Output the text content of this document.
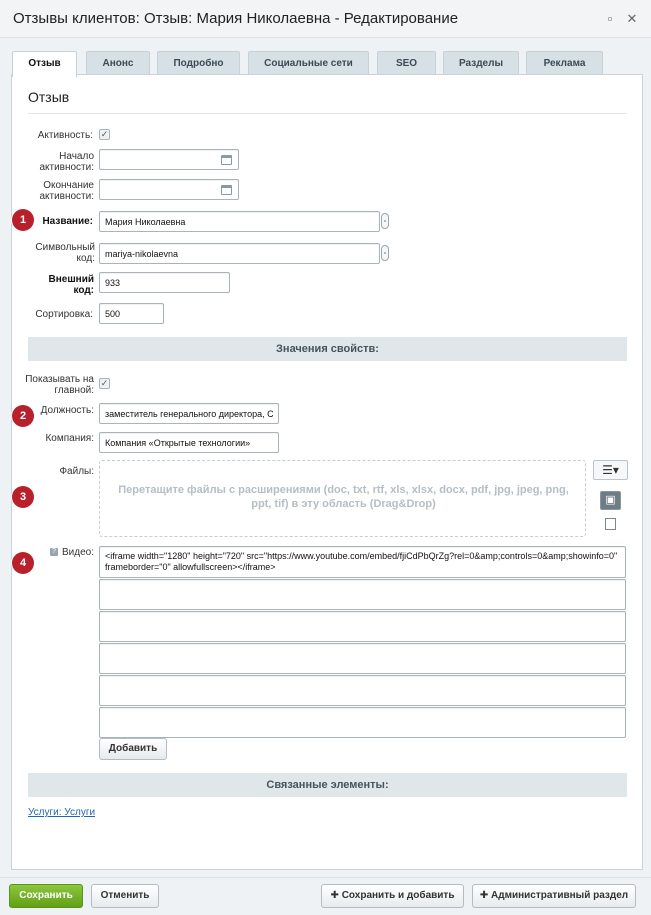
Отзывы клиентов: Отзыв: Мария Николаевна - Редактирование	▫	✕
Отзыв	Анонс	Подробно	Социальные сети	SEO	Разделы	Реклама
Отзыв
Активность: ✓
Начало
активности:
Окончание
активности:
Название:	Мария Николаевна
Символьный
код:	mariya-nikolaevna
Внешний
код:
933
Сортировка:	500
Значения свойств:
Показывать на
главной:
✓
Должность:	заместитель генерального директора, С
Компания:	Компания «Открытые технологии»
Файлы:
Перетащите файлы с расширениями (doc, txt, rtf, xls, xlsx, docx, pdf, jpg, jpeg, png, ppt, tif) в эту область (Drag&Drop)
☰▾
▣
? Видео:	<iframe width="1280" height="720" src="https://www.youtube.com/embed/fjiCdPbQrZg?rel=0&amp;controls=0&amp;showinfo=0" frameborder="0" allowfullscreen></iframe>
Добавить
Связанные элементы:
Услуги: Услуги
1
2
3
4
Сохранить	Отменить	✚ Сохранить и добавить	✚ Административный раздел
